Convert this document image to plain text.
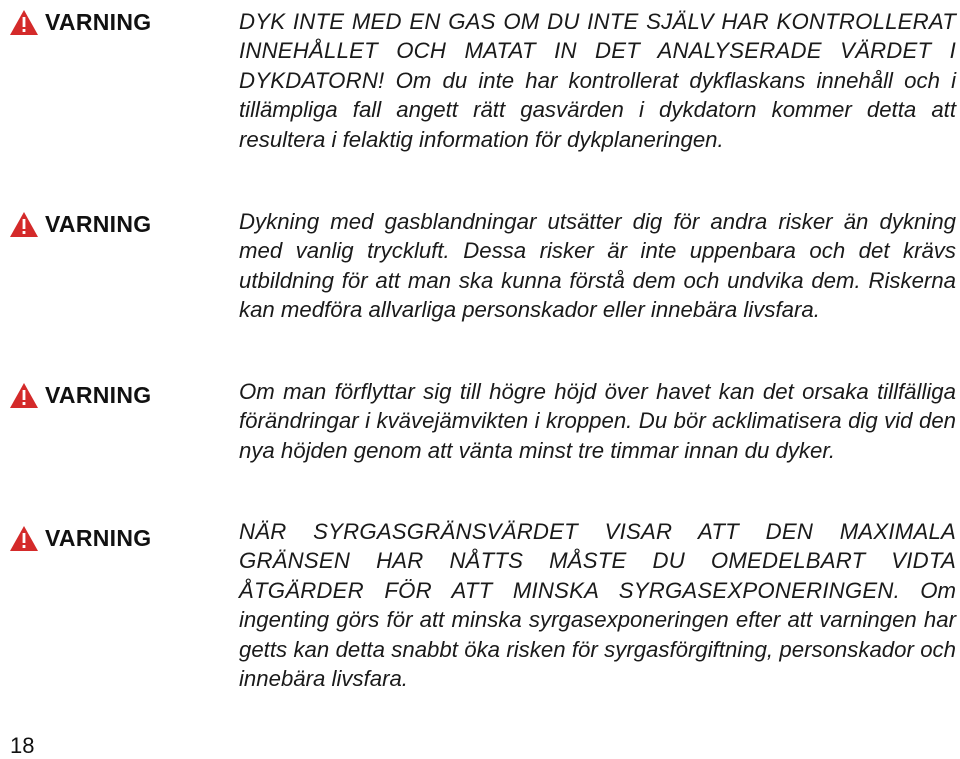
VARNING	DYK INTE MED EN GAS OM DU INTE SJÄLV HAR KONTROLLERAT INNEHÅLLET OCH MATAT IN DET ANALYSERADE VÄRDET I DYKDATORN! Om du inte har kontrollerat dykflaskans innehåll och i tillämpliga fall angett rätt gasvärden i dykdatorn kommer detta att resultera i felaktig information för dykplaneringen.
VARNING	Dykning med gasblandningar utsätter dig för andra risker än dykning med vanlig tryckluft. Dessa risker är inte uppenbara och det krävs utbildning för att man ska kunna förstå dem och undvika dem. Riskerna kan medföra allvarliga personskador eller innebära livsfara.
VARNING	Om man förflyttar sig till högre höjd över havet kan det orsaka tillfälliga förändringar i kvävejämvikten i kroppen. Du bör acklimatisera dig vid den nya höjden genom att vänta minst tre timmar innan du dyker.
VARNING	NÄR SYRGASGRÄNSVÄRDET VISAR ATT DEN MAXIMALA GRÄNSEN HAR NÅTTS MÅSTE DU OMEDELBART VIDTA ÅTGÄRDER FÖR ATT MINSKA SYRGASEXPONERINGEN. Om ingenting görs för att minska syrgasexponeringen efter att varningen har getts kan detta snabbt öka risken för syrgasförgiftning, personskador och innebära livsfara.
18
